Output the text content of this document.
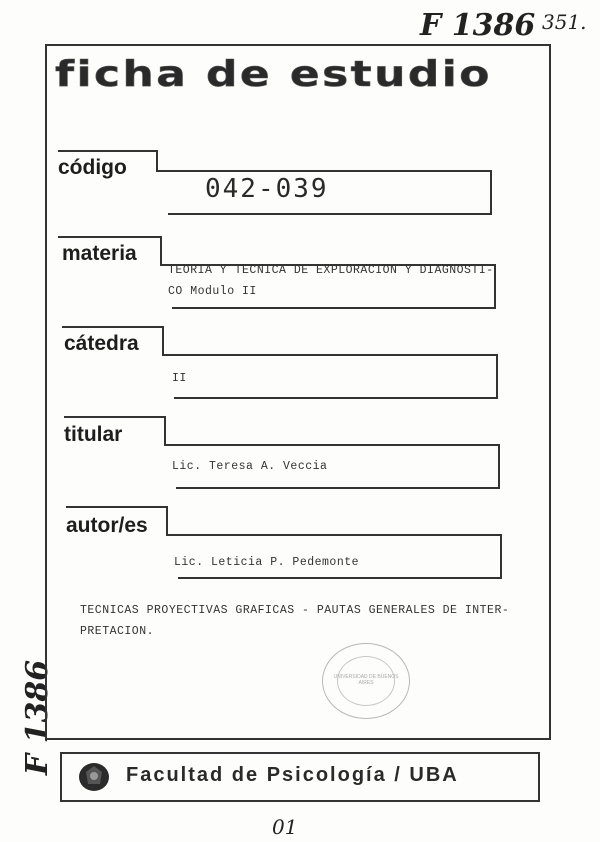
F 1386 351.
F 1386
ficha de estudio
código
042-039
materia
TEORIA Y TECNICA DE EXPLORACION Y DIAGNOSTI-
CO Modulo II
cátedra
II
titular
Lic. Teresa A. Veccia
autor/es
Lic. Leticia P. Pedemonte
TECNICAS PROYECTIVAS GRAFICAS - PAUTAS GENERALES DE INTER-
PRETACION.
UNIVERSIDAD DE BUENOS AIRES
Facultad de Psicología / UBA
01
